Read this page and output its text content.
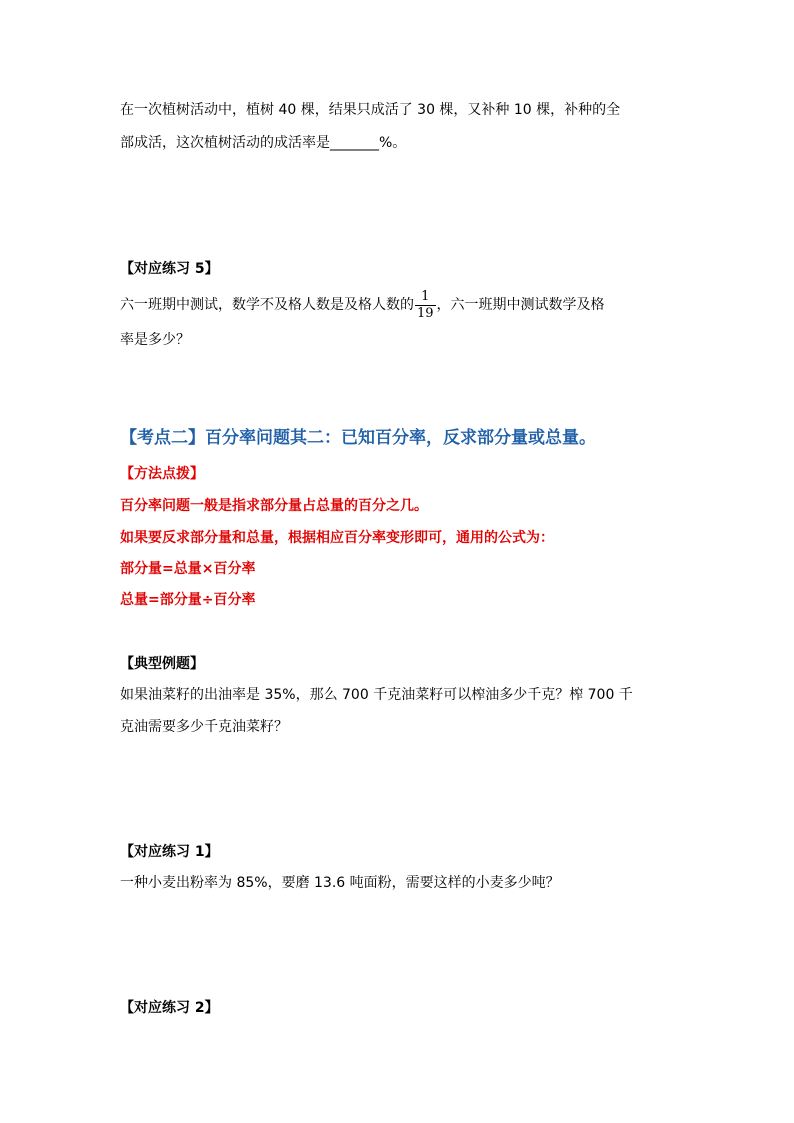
在一次植树活动中，植树 40 棵，结果只成活了 30 棵，又补种 10 棵，补种的全
部成活，这次植树活动的成活率是_______%。
【对应练习 5】
六一班期中测试，数学不及格人数是及格人数的 $\frac{1}{19}$ ，六一班期中测试数学及格
率是多少？
【考点二】百分率问题其二：已知百分率，反求部分量或总量。
【方法点拨】
百分率问题一般是指求部分量占总量的百分之几。
如果要反求部分量和总量，根据相应百分率变形即可，通用的公式为：
部分量=总量×百分率
总量=部分量÷百分率
【典型例题】
如果油菜籽的出油率是 35%，那么 700 千克油菜籽可以榨油多少千克？榨 700 千
克油需要多少千克油菜籽？
【对应练习 1】
一种小麦出粉率为 85%，要磨 13.6 吨面粉，需要这样的小麦多少吨？
【对应练习 2】
